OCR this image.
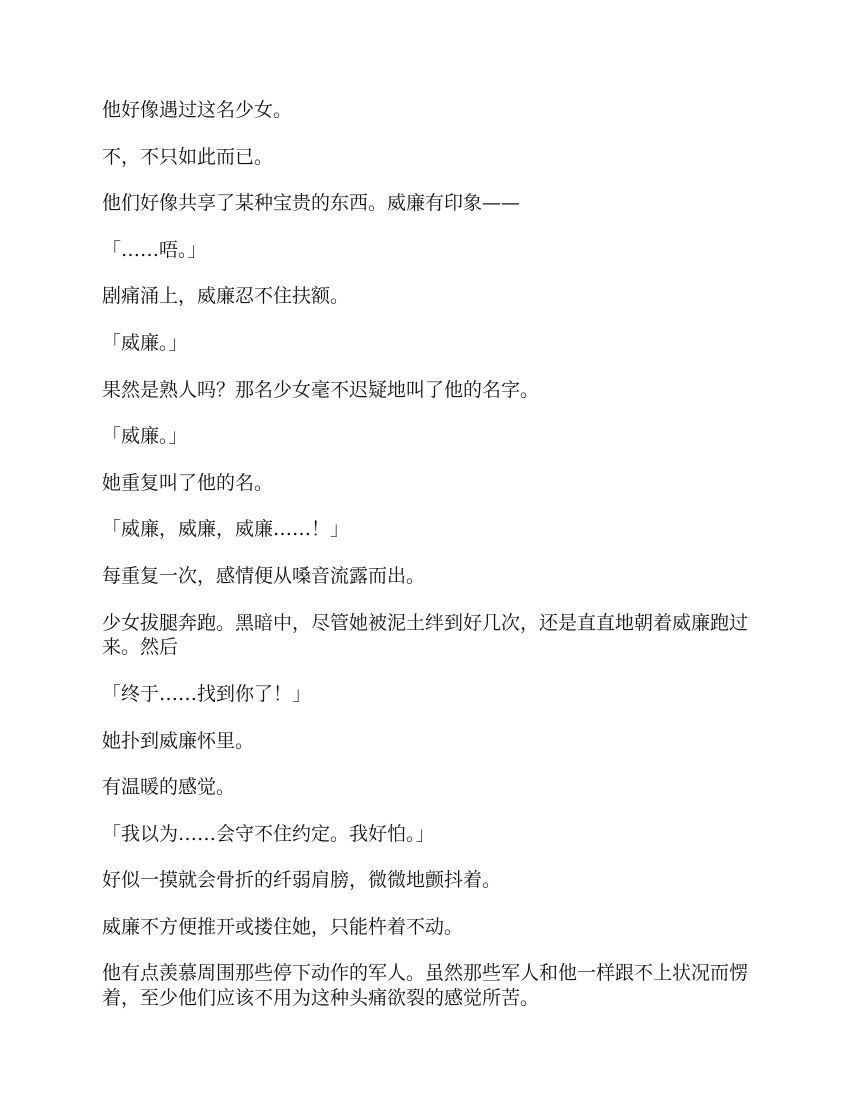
他好像遇过这名少女。

不，不只如此而已。

他们好像共享了某种宝贵的东西。威廉有印象——

「……唔。」

剧痛涌上，威廉忍不住扶额。

「威廉。」

果然是熟人吗？那名少女毫不迟疑地叫了他的名字。

「威廉。」

她重复叫了他的名。

「威廉，威廉，威廉……！」

每重复一次，感情便从嗓音流露而出。

少女拔腿奔跑。黑暗中，尽管她被泥土绊到好几次，还是直直地朝着威廉跑过来。然后

「终于……找到你了！」

她扑到威廉怀里。

有温暖的感觉。

「我以为……会守不住约定。我好怕。」

好似一摸就会骨折的纤弱肩膀，微微地颤抖着。

威廉不方便推开或搂住她，只能杵着不动。

他有点羡慕周围那些停下动作的军人。虽然那些军人和他一样跟不上状况而愣着，至少他们应该不用为这种头痛欲裂的感觉所苦。
